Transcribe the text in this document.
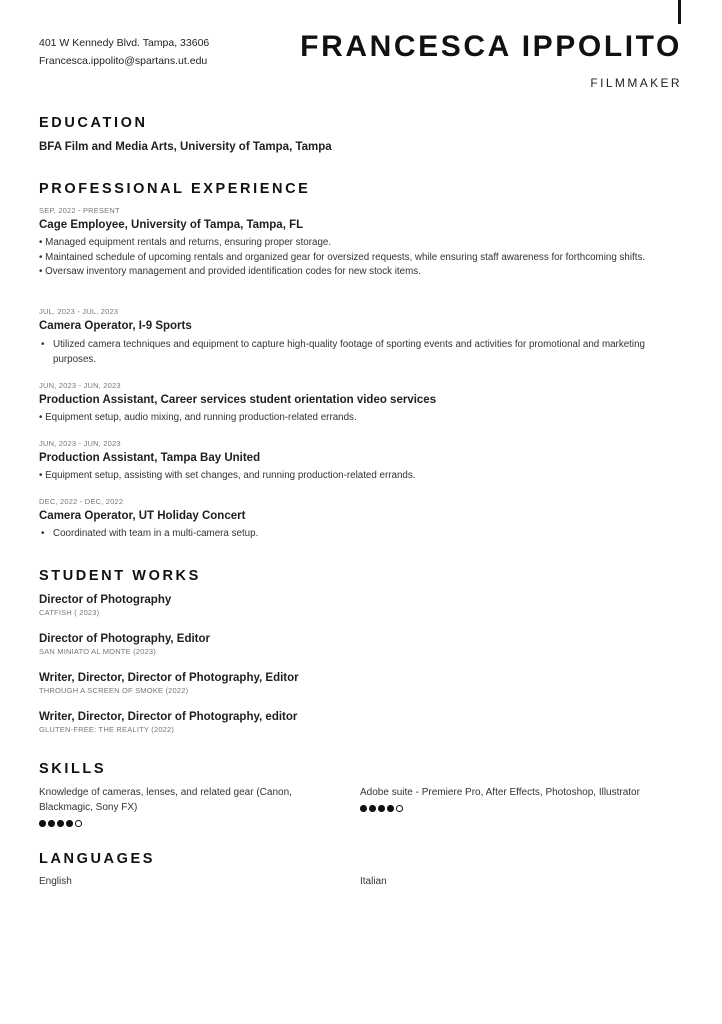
401 W Kennedy Blvd. Tampa, 33606
Francesca.ippolito@spartans.ut.edu	FRANCESCA IPPOLITO
FILMMAKER
EDUCATION
BFA Film and Media Arts, University of Tampa, Tampa
PROFESSIONAL EXPERIENCE
SEP, 2022 - PRESENT
Cage Employee, University of Tampa, Tampa, FL
• Managed equipment rentals and returns, ensuring proper storage.
• Maintained schedule of upcoming rentals and organized gear for oversized requests, while ensuring staff awareness for forthcoming shifts.
• Oversaw inventory management and provided identification codes for new stock items.
JUL, 2023 - JUL, 2023
Camera Operator, I-9 Sports
• Utilized camera techniques and equipment to capture high-quality footage of sporting events and activities for promotional and marketing purposes.
JUN, 2023 - JUN, 2023
Production Assistant, Career services student orientation video services
• Equipment setup, audio mixing, and running production-related errands.
JUN, 2023 - JUN, 2023
Production Assistant, Tampa Bay United
• Equipment setup, assisting with set changes, and running production-related errands.
DEC, 2022 - DEC, 2022
Camera Operator, UT Holiday Concert
• Coordinated with team in a multi-camera setup.
STUDENT WORKS
Director of Photography
CATFISH ( 2023)
Director of Photography, Editor
SAN MINIATO AL MONTE (2023)
Writer, Director, Director of Photography, Editor
THROUGH A SCREEN OF SMOKE (2022)
Writer, Director, Director of Photography, editor
GLUTEN-FREE: THE REALITY (2022)
SKILLS
Knowledge of cameras, lenses, and related gear (Canon, Blackmagic, Sony FX)
Adobe suite - Premiere Pro, After Effects, Photoshop, Illustrator
LANGUAGES
English	Italian
